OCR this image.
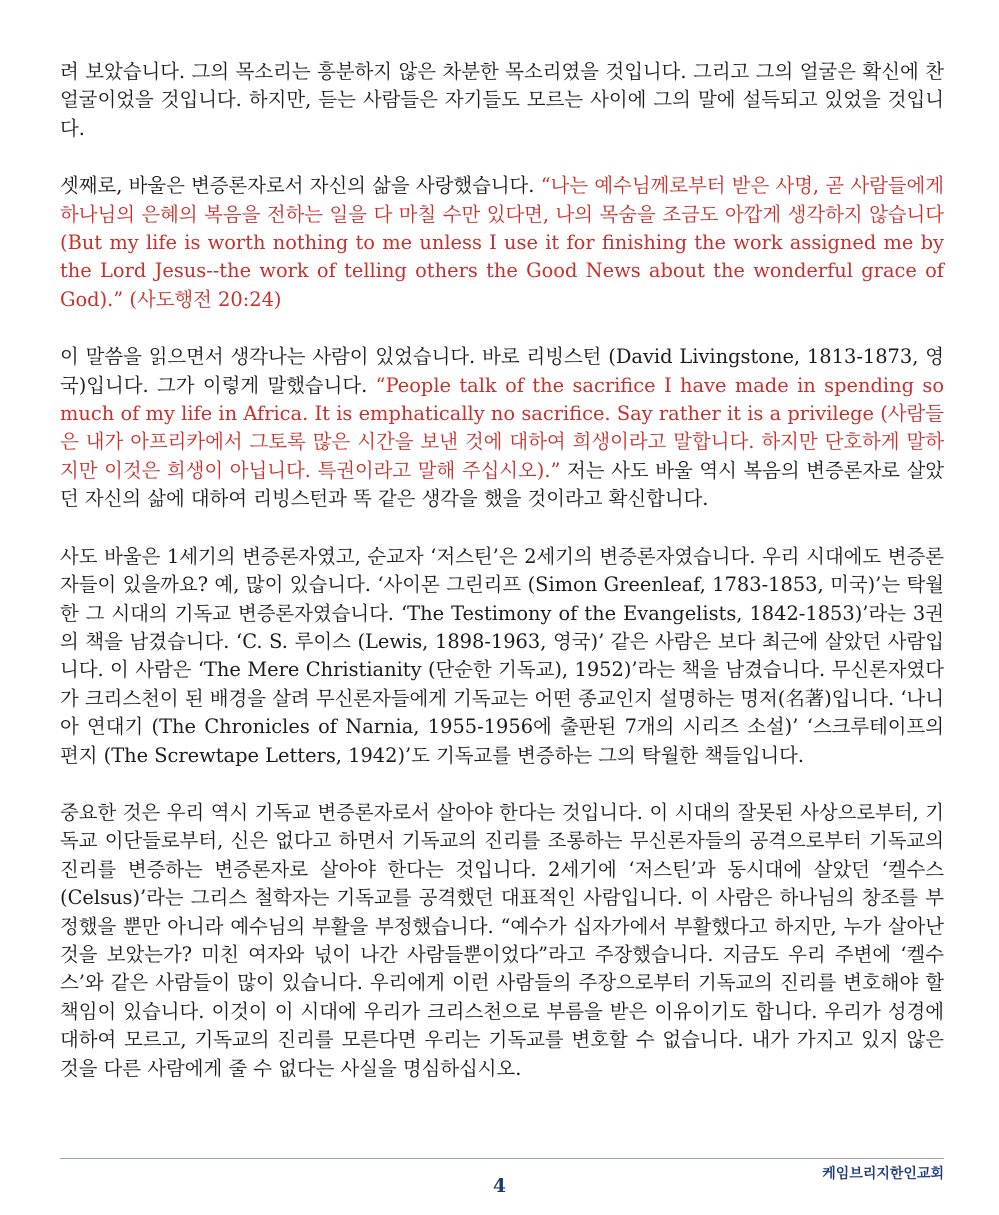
려 보았습니다. 그의 목소리는 흥분하지 않은 차분한 목소리였을 것입니다. 그리고 그의 얼굴은 확신에 찬 얼굴이었을 것입니다. 하지만, 듣는 사람들은 자기들도 모르는 사이에 그의 말에 설득되고 있었을 것입니다.

셋째로, 바울은 변증론자로서 자신의 삶을 사랑했습니다. “나는 예수님께로부터 받은 사명, 곧 사람들에게 하나님의 은혜의 복음을 전하는 일을 다 마칠 수만 있다면, 나의 목숨을 조금도 아깝게 생각하지 않습니다 (But my life is worth nothing to me unless I use it for finishing the work assigned me by the Lord Jesus--the work of telling others the Good News about the wonderful grace of God).” (사도행전 20:24)

이 말씀을 읽으면서 생각나는 사람이 있었습니다. 바로 리빙스턴 (David Livingstone, 1813-1873, 영국)입니다. 그가 이렇게 말했습니다. “People talk of the sacrifice I have made in spending so much of my life in Africa. It is emphatically no sacrifice. Say rather it is a privilege (사람들은 내가 아프리카에서 그토록 많은 시간을 보낸 것에 대하여 희생이라고 말합니다. 하지만 단호하게 말하지만 이것은 희생이 아닙니다. 특권이라고 말해 주십시오).” 저는 사도 바울 역시 복음의 변증론자로 살았던 자신의 삶에 대하여 리빙스턴과 똑 같은 생각을 했을 것이라고 확신합니다.

사도 바울은 1세기의 변증론자였고, 순교자 ‘저스틴’은 2세기의 변증론자였습니다. 우리 시대에도 변증론자들이 있을까요? 예, 많이 있습니다. ‘사이몬 그린리프 (Simon Greenleaf, 1783-1853, 미국)’는 탁월한 그 시대의 기독교 변증론자였습니다. ‘The Testimony of the Evangelists, 1842-1853)’라는 3권의 책을 남겼습니다. ‘C. S. 루이스 (Lewis, 1898-1963, 영국)’ 같은 사람은 보다 최근에 살았던 사람입니다. 이 사람은 ‘The Mere Christianity (단순한 기독교), 1952)’라는 책을 남겼습니다. 무신론자였다가 크리스천이 된 배경을 살려 무신론자들에게 기독교는 어떤 종교인지 설명하는 명저(名著)입니다. ‘나니아 연대기 (The Chronicles of Narnia, 1955-1956에 출판된 7개의 시리즈 소설)’ ‘스크루테이프의 편지 (The Screwtape Letters, 1942)’도 기독교를 변증하는 그의 탁월한 책들입니다.

중요한 것은 우리 역시 기독교 변증론자로서 살아야 한다는 것입니다. 이 시대의 잘못된 사상으로부터, 기독교 이단들로부터, 신은 없다고 하면서 기독교의 진리를 조롱하는 무신론자들의 공격으로부터 기독교의 진리를 변증하는 변증론자로 살아야 한다는 것입니다. 2세기에 ‘저스틴’과 동시대에 살았던 ‘켈수스 (Celsus)’라는 그리스 철학자는 기독교를 공격했던 대표적인 사람입니다. 이 사람은 하나님의 창조를 부정했을 뿐만 아니라 예수님의 부활을 부정했습니다. “예수가 십자가에서 부활했다고 하지만, 누가 살아난 것을 보았는가? 미친 여자와 넋이 나간 사람들뿐이었다”라고 주장했습니다. 지금도 우리 주변에 ‘켈수스’와 같은 사람들이 많이 있습니다. 우리에게 이런 사람들의 주장으로부터 기독교의 진리를 변호해야 할 책임이 있습니다. 이것이 이 시대에 우리가 크리스천으로 부름을 받은 이유이기도 합니다. 우리가 성경에 대하여 모르고, 기독교의 진리를 모른다면 우리는 기독교를 변호할 수 없습니다. 내가 가지고 있지 않은 것을 다른 사람에게 줄 수 없다는 사실을 명심하십시오.

케임브리지한인교회
4
